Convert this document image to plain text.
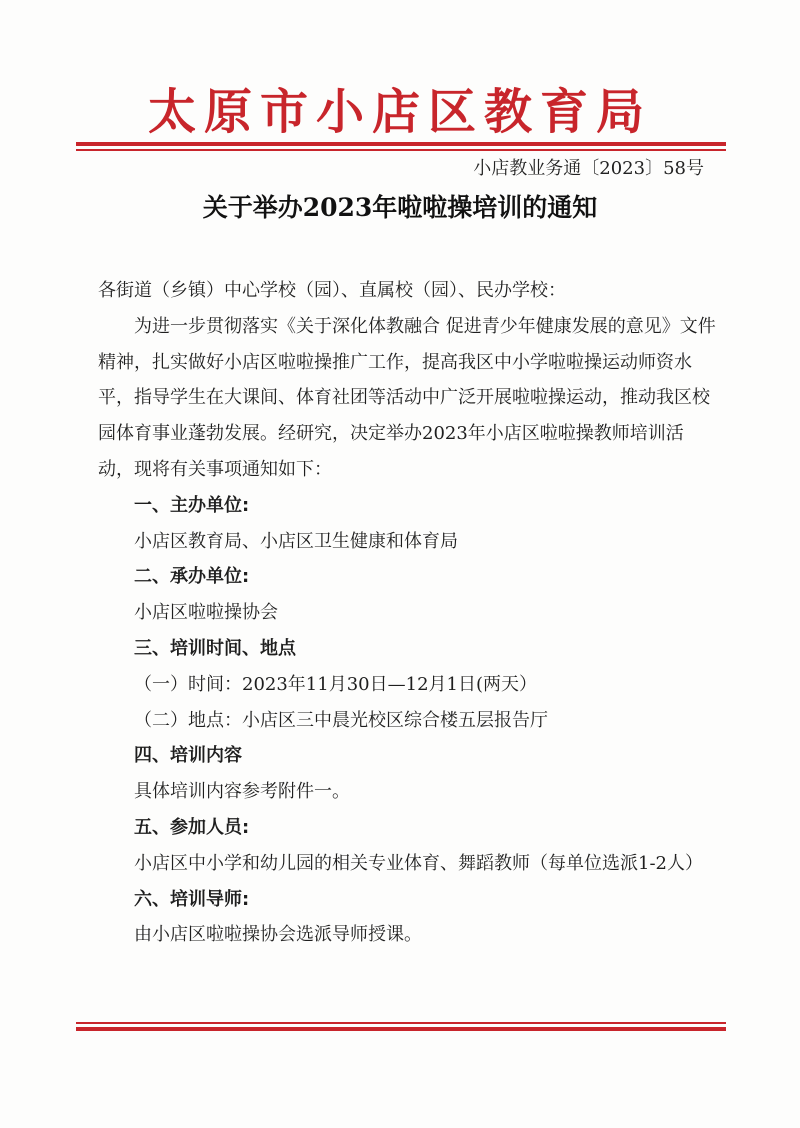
太原市小店区教育局
小店教业务通〔2023〕58号
关于举办2023年啦啦操培训的通知

各街道（乡镇）中心学校（园）、直属校（园）、民办学校：

为进一步贯彻落实《关于深化体教融合 促进青少年健康发展的意见》文件精神，扎实做好小店区啦啦操推广工作，提高我区中小学啦啦操运动师资水平，指导学生在大课间、体育社团等活动中广泛开展啦啦操运动，推动我区校园体育事业蓬勃发展。经研究，决定举办2023年小店区啦啦操教师培训活动，现将有关事项通知如下：

一、主办单位:

小店区教育局、小店区卫生健康和体育局

二、承办单位:

小店区啦啦操协会

三、培训时间、地点

（一）时间：2023年11月30日—12月1日(两天）

（二）地点：小店区三中晨光校区综合楼五层报告厅

四、培训内容

具体培训内容参考附件一。

五、参加人员:

小店区中小学和幼儿园的相关专业体育、舞蹈教师（每单位选派1-2人）

六、培训导师:

由小店区啦啦操协会选派导师授课。
